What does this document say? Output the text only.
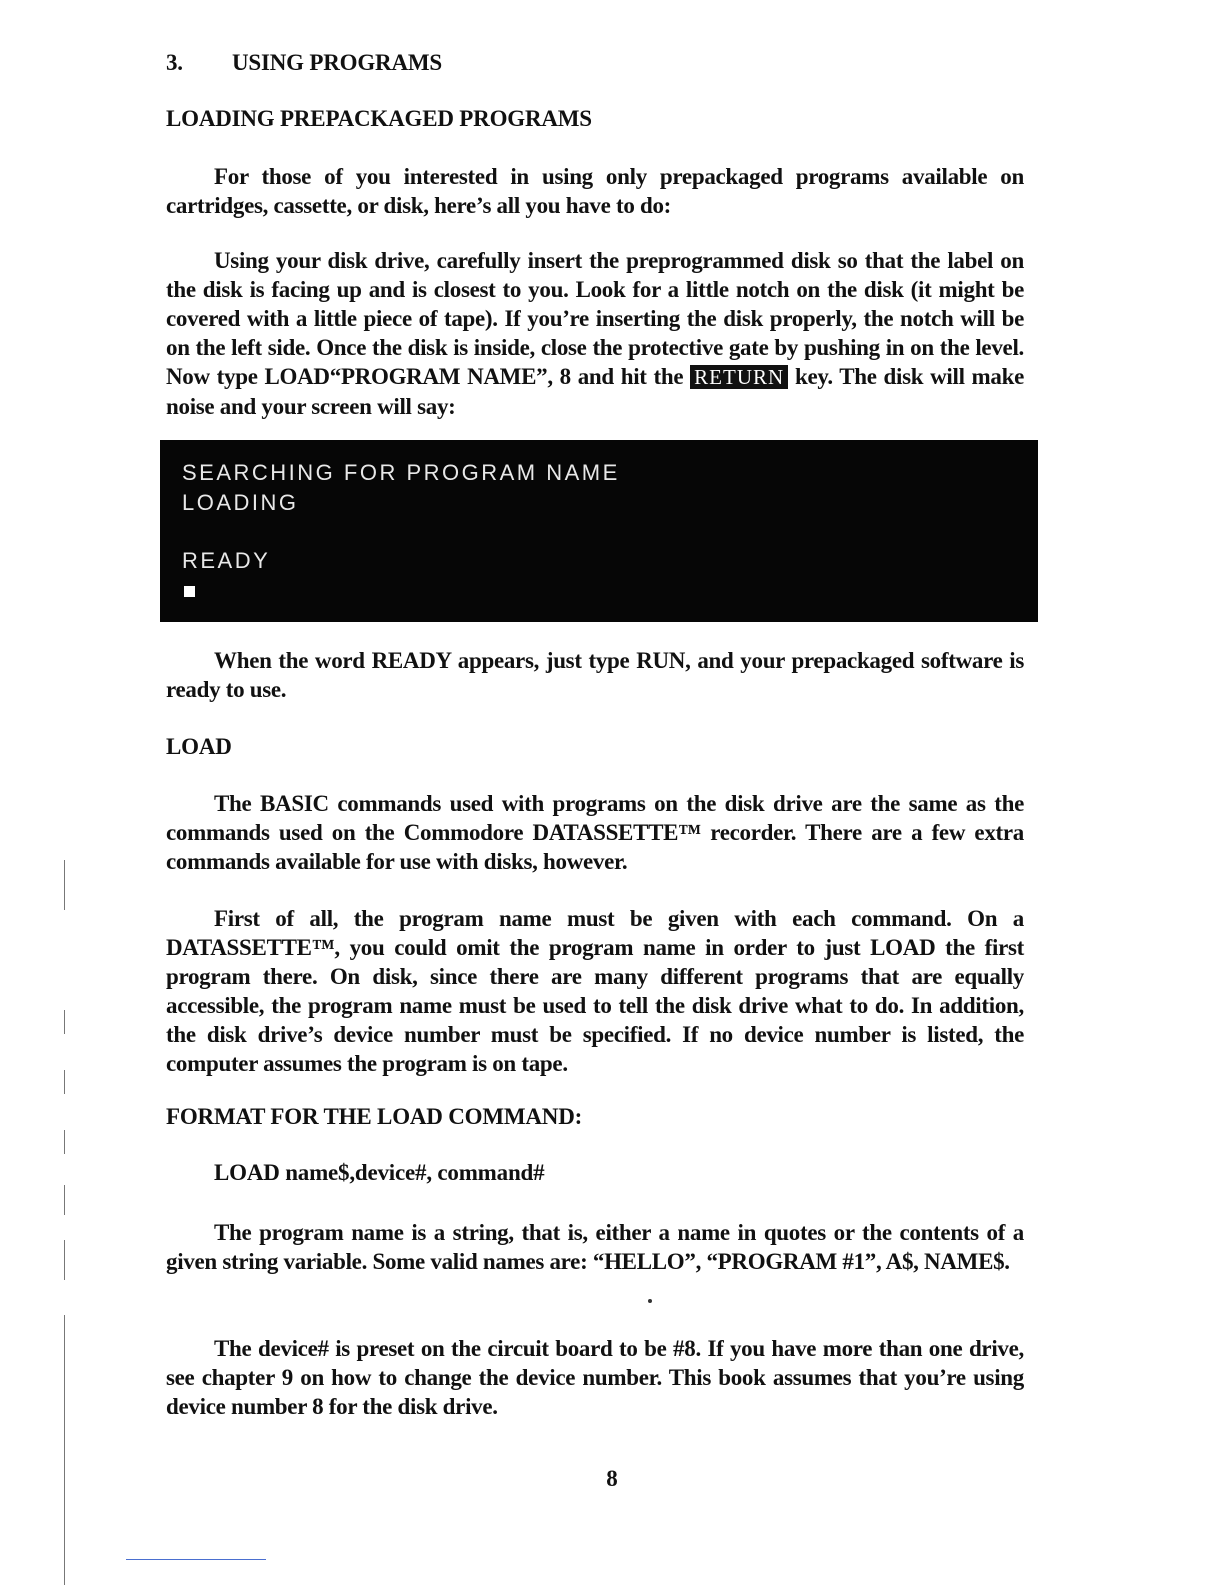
3. USING PROGRAMS
LOADING PREPACKAGED PROGRAMS

For those of you interested in using only prepackaged programs available on cartridges, cassette, or disk, here’s all you have to do:

Using your disk drive, carefully insert the preprogrammed disk so that the label on the disk is facing up and is closest to you. Look for a little notch on the disk (it might be covered with a little piece of tape). If you’re inserting the disk properly, the notch will be on the left side. Once the disk is inside, close the protective gate by pushing in on the level. Now type LOAD“PROGRAM NAME”, 8 and hit the RETURN key. The disk will make noise and your screen will say:

SEARCHING FOR PROGRAM NAME
LOADING
READY

When the word READY appears, just type RUN, and your prepackaged software is ready to use.

LOAD

The BASIC commands used with programs on the disk drive are the same as the commands used on the Commodore DATASSETTE™ recorder. There are a few extra commands available for use with disks, however.

First of all, the program name must be given with each command. On a DATASSETTE™, you could omit the program name in order to just LOAD the first program there. On disk, since there are many different programs that are equally accessible, the program name must be used to tell the disk drive what to do. In addition, the disk drive’s device number must be specified. If no device number is listed, the computer assumes the program is on tape.

FORMAT FOR THE LOAD COMMAND:
LOAD name$,device#, command#

The program name is a string, that is, either a name in quotes or the contents of a given string variable. Some valid names are: “HELLO”, “PROGRAM #1”, A$, NAME$.

The device# is preset on the circuit board to be #8. If you have more than one drive, see chapter 9 on how to change the device number. This book assumes that you’re using device number 8 for the disk drive.

8
